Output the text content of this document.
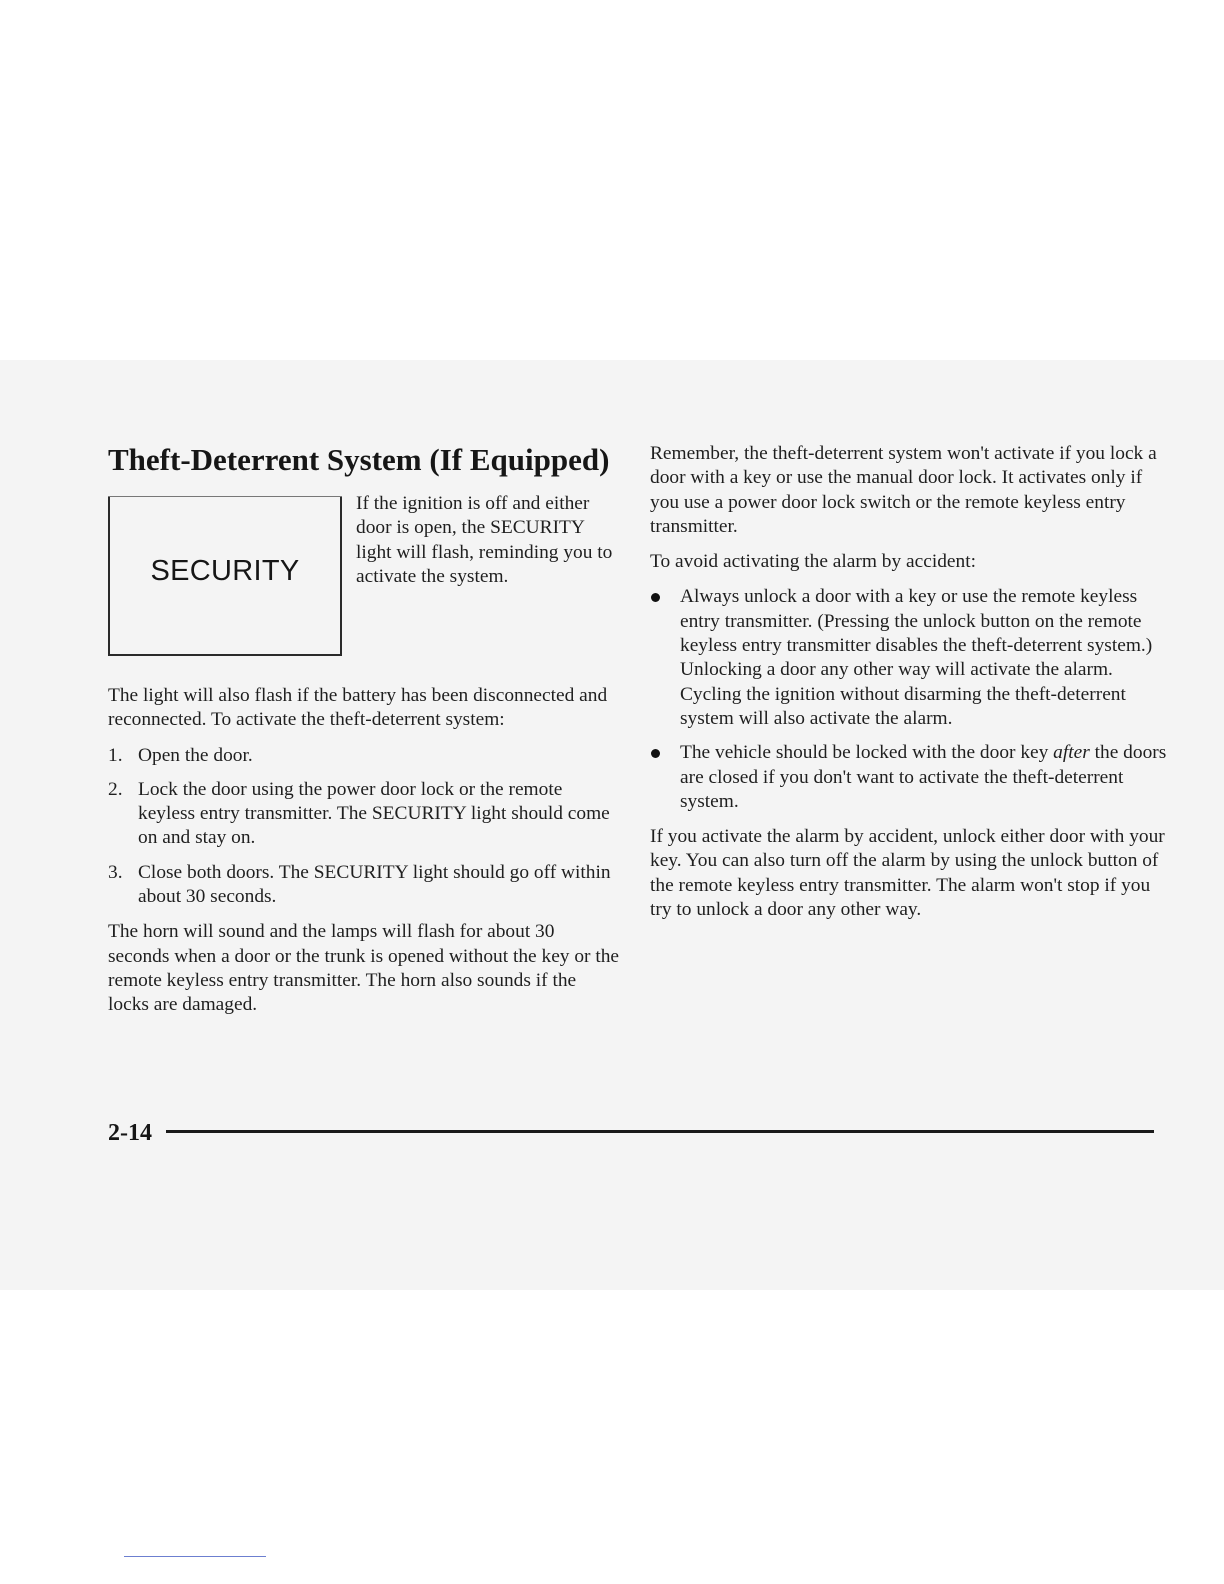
Theft-Deterrent System (If Equipped)
SECURITY

If the ignition is off and either door is open, the SECURITY light will flash, reminding you to activate the system.

The light will also flash if the battery has been disconnected and reconnected. To activate the theft-deterrent system:

1. Open the door.
2. Lock the door using the power door lock or the remote keyless entry transmitter. The SECURITY light should come on and stay on.
3. Close both doors. The SECURITY light should go off within about 30 seconds.

The horn will sound and the lamps will flash for about 30 seconds when a door or the trunk is opened without the key or the remote keyless entry transmitter. The horn also sounds if the locks are damaged.

Remember, the theft-deterrent system won't activate if you lock a door with a key or use the manual door lock. It activates only if you use a power door lock switch or the remote keyless entry transmitter.

To avoid activating the alarm by accident:

Always unlock a door with a key or use the remote keyless entry transmitter. (Pressing the unlock button on the remote keyless entry transmitter disables the theft-deterrent system.) Unlocking a door any other way will activate the alarm. Cycling the ignition without disarming the theft-deterrent system will also activate the alarm.
The vehicle should be locked with the door key after the doors are closed if you don't want to activate the theft-deterrent system.

If you activate the alarm by accident, unlock either door with your key. You can also turn off the alarm by using the unlock button of the remote keyless entry transmitter. The alarm won't stop if you try to unlock a door any other way.

2-14
